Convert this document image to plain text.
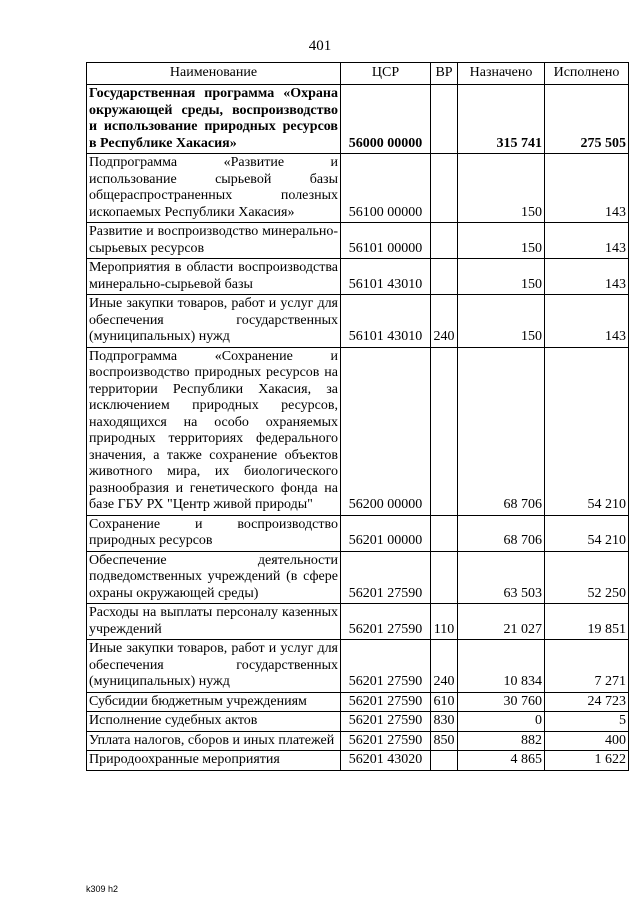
401
Наименование	ЦСР	ВР	Назначено	Исполнено
Государственная программа «Охрана окружающей среды, воспроизводство и использование природных ресурсов в Республике Хакасия»	56000 00000		315 741	275 505
Подпрограмма «Развитие и использование сырьевой базы общераспространенных полезных ископаемых Республики Хакасия»	56100 00000		150	143
Развитие и воспроизводство минерально-сырьевых ресурсов	56101 00000		150	143
Мероприятия в области воспроизводства минерально-сырьевой базы	56101 43010		150	143
Иные закупки товаров, работ и услуг для обеспечения государственных (муниципальных) нужд	56101 43010	240	150	143
Подпрограмма «Сохранение и воспроизводство природных ресурсов на территории Республики Хакасия, за исключением природных ресурсов, находящихся на особо охраняемых природных территориях федерального значения, а также сохранение объектов животного мира, их биологического разнообразия и генетического фонда на базе ГБУ РХ "Центр живой природы"	56200 00000		68 706	54 210
Сохранение и воспроизводство природных ресурсов	56201 00000		68 706	54 210
Обеспечение деятельности подведомственных учреждений (в сфере охраны окружающей среды)	56201 27590		63 503	52 250
Расходы на выплаты персоналу казенных учреждений	56201 27590	110	21 027	19 851
Иные закупки товаров, работ и услуг для обеспечения государственных (муниципальных) нужд	56201 27590	240	10 834	7 271
Субсидии бюджетным учреждениям	56201 27590	610	30 760	24 723
Исполнение судебных актов	56201 27590	830	0	5
Уплата налогов, сборов и иных платежей	56201 27590	850	882	400
Природоохранные мероприятия	56201 43020		4 865	1 622
k309 h2
